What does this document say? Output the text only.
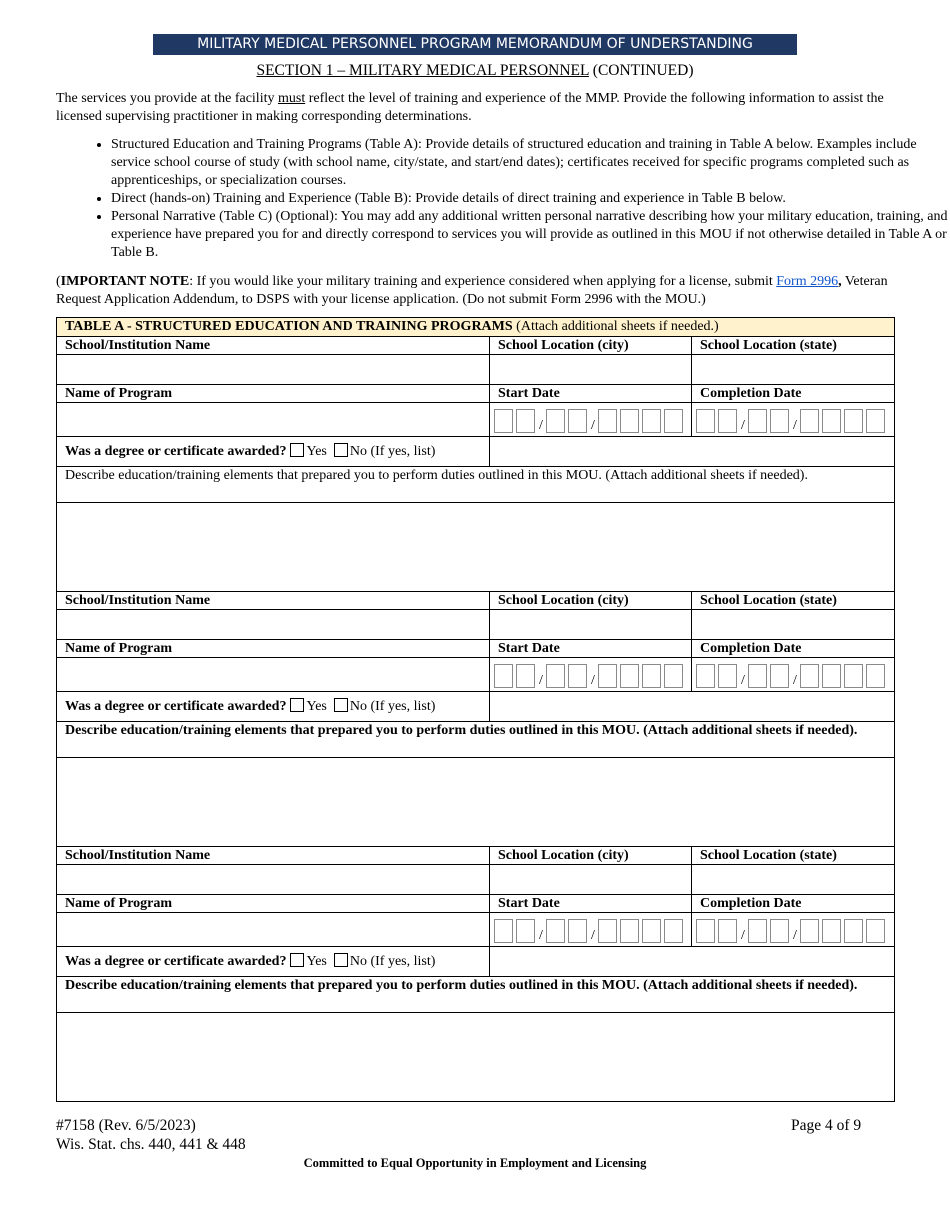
MILITARY MEDICAL PERSONNEL PROGRAM MEMORANDUM OF UNDERSTANDING
SECTION 1 – MILITARY MEDICAL PERSONNEL (CONTINUED)

The services you provide at the facility must reflect the level of training and experience of the MMP. Provide the following information to assist the licensed supervising practitioner in making corresponding determinations.

• Structured Education and Training Programs (Table A): Provide details of structured education and training in Table A below. Examples include service school course of study (with school name, city/state, and start/end dates); certificates received for specific programs completed such as apprenticeships, or specialization courses.
• Direct (hands-on) Training and Experience (Table B): Provide details of direct training and experience in Table B below.
• Personal Narrative (Table C) (Optional): You may add any additional written personal narrative describing how your military education, training, and experience have prepared you for and directly correspond to services you will provide as outlined in this MOU if not otherwise detailed in Table A or Table B.

(IMPORTANT NOTE: If you would like your military training and experience considered when applying for a license, submit Form 2996, Veteran Request Application Addendum, to DSPS with your license application. (Do not submit Form 2996 with the MOU.)

TABLE A - STRUCTURED EDUCATION AND TRAINING PROGRAMS (Attach additional sheets if needed.)		
School/Institution Name	School Location (city)	School Location (state)

Name of Program	Start Date	Completion Date

	/ /	/ /

Was a degree or certificate awarded? Yes No (If yes, list)		
Describe education/training elements that prepared you to perform duties outlined in this MOU. (Attach additional sheets if needed).		

School/Institution Name	School Location (city)	School Location (state)

Name of Program	Start Date	Completion Date

	/ /	/ /

Was a degree or certificate awarded? Yes No (If yes, list)		
Describe education/training elements that prepared you to perform duties outlined in this MOU. (Attach additional sheets if needed).		

School/Institution Name	School Location (city)	School Location (state)

Name of Program	Start Date	Completion Date

	/ /	/ /

Was a degree or certificate awarded? Yes No (If yes, list)		
Describe education/training elements that prepared you to perform duties outlined in this MOU. (Attach additional sheets if needed).		

#7158 (Rev. 6/5/2023)
Wis. Stat. chs. 440, 441 & 448
Page 4 of 9
Committed to Equal Opportunity in Employment and Licensing
